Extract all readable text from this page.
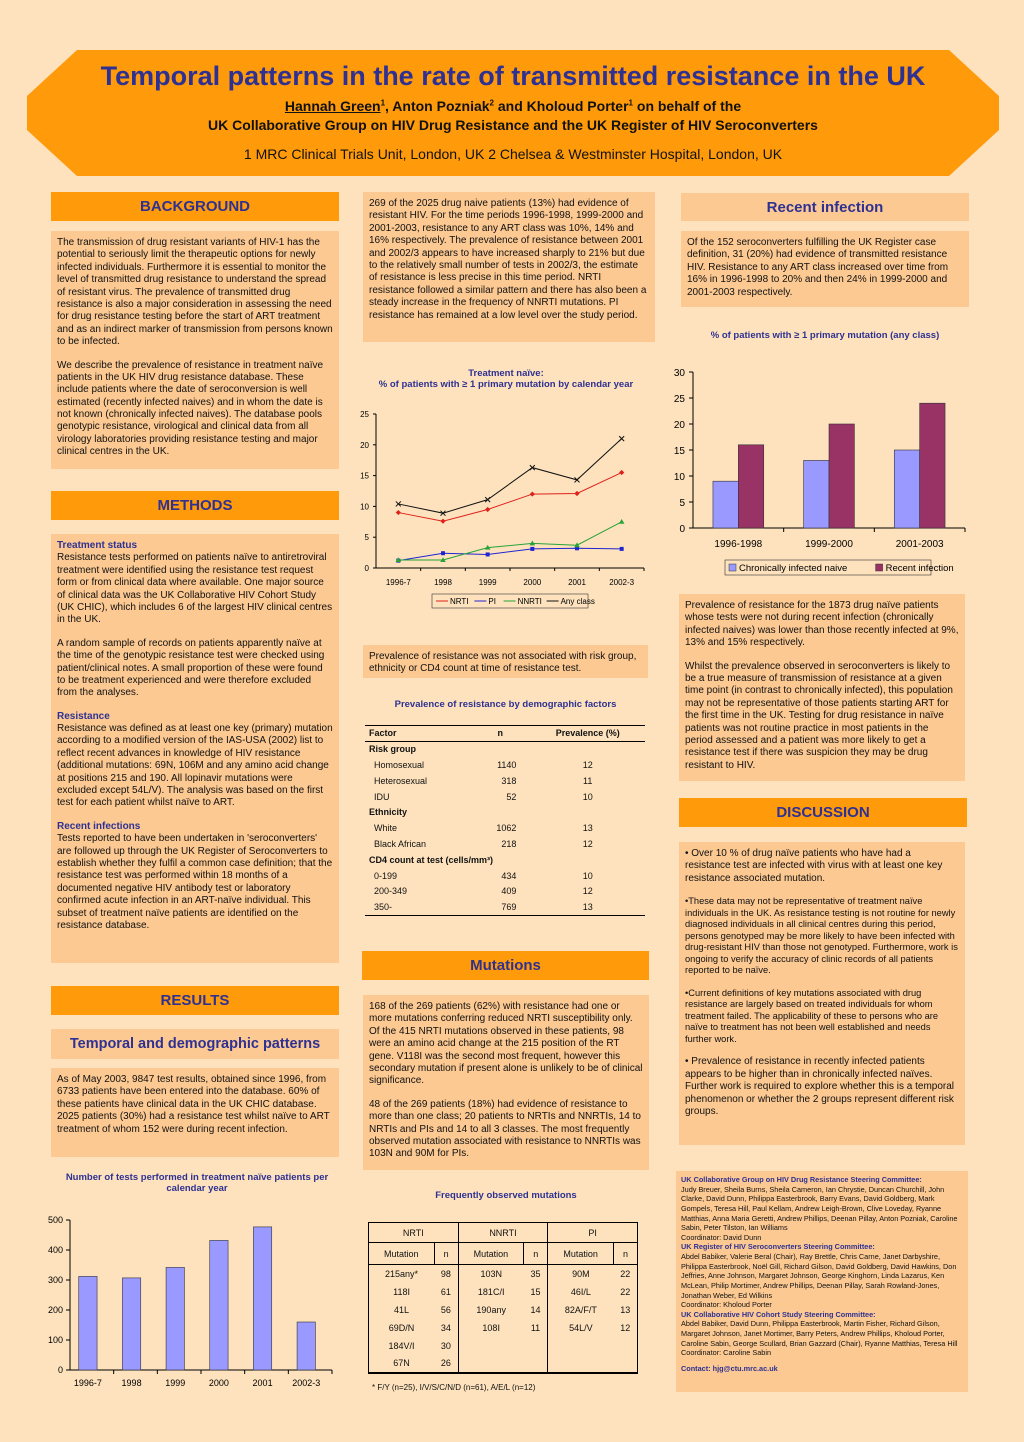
Temporal patterns in the rate of transmitted resistance in the UK
Hannah Green$^1$, Anton Pozniak$^2$ and Kholoud Porter$^1$ on behalf of the
UK Collaborative Group on HIV Drug Resistance and the UK Register of HIV Seroconverters
1 MRC Clinical Trials Unit, London, UK 2 Chelsea & Westminster Hospital, London, UK
BACKGROUND

The transmission of drug resistant variants of HIV-1 has the potential to seriously limit the therapeutic options for newly infected individuals. Furthermore it is essential to monitor the level of transmitted drug resistance to understand the spread of resistant virus. The prevalence of transmitted drug resistance is also a major consideration in assessing the need for drug resistance testing before the start of ART treatment and as an indirect marker of transmission from persons known to be infected.

We describe the prevalence of resistance in treatment naïve patients in the UK HIV drug resistance database. These include patients where the date of seroconversion is well estimated (recently infected naives) and in whom the date is not known (chronically infected naives). The database pools genotypic resistance, virological and clinical data from all virology laboratories providing resistance testing and major clinical centres in the UK.

METHODS
Treatment status

Resistance tests performed on patients naïve to antiretroviral treatment were identified using the resistance test request form or from clinical data where available. One major source of clinical data was the UK Collaborative HIV Cohort Study (UK CHIC), which includes 6 of the largest HIV clinical centres in the UK.

A random sample of records on patients apparently naïve at the time of the genotypic resistance test were checked using patient/clinical notes. A small proportion of these were found to be treatment experienced and were therefore excluded from the analyses.

Resistance

Resistance was defined as at least one key (primary) mutation according to a modified version of the IAS-USA (2002) list to reflect recent advances in knowledge of HIV resistance (additional mutations: 69N, 106M and any amino acid change at positions 215 and 190. All lopinavir mutations were excluded except 54L/V). The analysis was based on the first test for each patient whilst naïve to ART.

Recent infections

Tests reported to have been undertaken in 'seroconverters' are followed up through the UK Register of Seroconverters to establish whether they fulfil a common case definition; that the resistance test was performed within 18 months of a documented negative HIV antibody test or laboratory confirmed acute infection in an ART-naïve individual. This subset of treatment naïve patients are identified on the resistance database.

RESULTS
Temporal and demographic patterns

As of May 2003, 9847 test results, obtained since 1996, from 6733 patients have been entered into the database. 60% of these patients have clinical data in the UK CHIC database. 2025 patients (30%) had a resistance test whilst naïve to ART treatment of whom 152 were during recent infection.

Number of tests performed in treatment naïve patients per calendar year
0
100
200
300
400
500
1996-7 1998	1999	2000	2001 2002-3

269 of the 2025 drug naive patients (13%) had evidence of resistant HIV. For the time periods 1996-1998, 1999-2000 and 2001-2003, resistance to any ART class was 10%, 14% and 16% respectively. The prevalence of resistance between 2001 and 2002/3 appears to have increased sharply to 21% but due to the relatively small number of tests in 2002/3, the estimate of resistance is less precise in this time period. NRTI resistance followed a similar pattern and there has also been a steady increase in the frequency of NNRTI mutations. PI resistance has remained at a low level over the study period.

Treatment naïve:
% of patients with ≥ 1 primary mutation by calendar year
0
5
10
15
20
25
1996-7	1998	1999	2000	2001	2002-3
NRTI PI	NNRTI Any class

Prevalence of resistance was not associated with risk group, ethnicity or CD4 count at time of resistance test.

Prevalence of resistance by demographic factors
Factor	n	Prevalence (%)
Risk group		
Homosexual	1140	12
Heterosexual	318	11
IDU	52	10
Ethnicity		
White	1062	13
Black African	218	12
CD4 count at test (cells/mm³)		
0-199	434	10
200-349	409	12
350-	769	13
Mutations

168 of the 269 patients (62%) with resistance had one or more mutations conferring reduced NRTI susceptibility only. Of the 415 NRTI mutations observed in these patients, 98 were an amino acid change at the 215 position of the RT gene. V118I was the second most frequent, however this secondary mutation if present alone is unlikely to be of clinical significance.

48 of the 269 patients (18%) had evidence of resistance to more than one class; 20 patients to NRTIs and NNRTIs, 14 to NRTIs and PIs and 14 to all 3 classes. The most frequently observed mutation associated with resistance to NNRTIs was 103N and 90M for PIs.

Frequently observed mutations
NRTI		NNRTI		PI	
Mutation	n	Mutation	n	Mutation	n
215any*	98	103N	35	90M	22
118I	61	181C/I	15	46I/L	22
41L	56	190any	14	82A/F/T	13
69D/N	34	108I	11	54L/V	12
184V/I	30				
67N	26				
* F/Y (n=25), I/V/S/C/N/D (n=61), A/E/L (n=12)
Recent infection

Of the 152 seroconverters fulfilling the UK Register case definition, 31 (20%) had evidence of transmitted resistance HIV. Resistance to any ART class increased over time from 16% in 1996-1998 to 20% and then 24% in 1999-2000 and 2001-2003 respectively.

% of patients with ≥ 1 primary mutation (any class)
0
5
10
15
20
25
30
1996-1998	1999-2000	2001-2003
Chronically infected naive	Recent infection

Prevalence of resistance for the 1873 drug naïve patients whose tests were not during recent infection (chronically infected naives) was lower than those recently infected at 9%, 13% and 15% respectively.

Whilst the prevalence observed in seroconverters is likely to be a true measure of transmission of resistance at a given time point (in contrast to chronically infected), this population may not be representative of those patients starting ART for the first time in the UK. Testing for drug resistance in naïve patients was not routine practice in most patients in the period assessed and a patient was more likely to get a resistance test if there was suspicion they may be drug resistant to HIV.

DISCUSSION

• Over 10 % of drug naïve patients who have had a resistance test are infected with virus with at least one key resistance associated mutation.

•These data may not be representative of treatment naïve individuals in the UK. As resistance testing is not routine for newly diagnosed individuals in all clinical centres during this period, persons genotyped may be more likely to have been infected with drug-resistant HIV than those not genotyped. Furthermore, work is ongoing to verify the accuracy of clinic records of all patients reported to be naïve.

•Current definitions of key mutations associated with drug resistance are largely based on treated individuals for whom treatment failed. The applicability of these to persons who are naïve to treatment has not been well established and needs further work.

• Prevalence of resistance in recently infected patients appears to be higher than in chronically infected naïves. Further work is required to explore whether this is a temporal phenomenon or whether the 2 groups represent different risk groups.

UK Collaborative Group on HIV Drug Resistance Steering Committee:
Judy Breuer, Sheila Burns, Sheila Cameron, Ian Chrystie, Duncan Churchill, John Clarke, David Dunn, Philippa Easterbrook, Barry Evans, David Goldberg, Mark Gompels, Teresa Hill, Paul Kellam, Andrew Leigh-Brown, Clive Loveday, Ryanne Matthias, Anna Maria Geretti, Andrew Phillips, Deenan Pillay, Anton Pozniak, Caroline Sabin, Peter Tilston, Ian Williams
Coordinator: David Dunn
UK Register of HIV Seroconverters Steering Committee:
Abdel Babiker, Valerie Beral (Chair), Ray Brettle, Chris Carne, Janet Darbyshire, Philippa Easterbrook, Noël Gill, Richard Gilson, David Goldberg, David Hawkins, Don Jeffries, Anne Johnson, Margaret Johnson, George Kinghorn, Linda Lazarus, Ken McLean, Philip Mortimer, Andrew Phillips, Deenan Pillay, Sarah Rowland-Jones, Jonathan Weber, Ed Wilkins
Coordinator: Kholoud Porter
UK Collaborative HIV Cohort Study Steering Committee:
Abdel Babiker, David Dunn, Philippa Easterbrook, Martin Fisher, Richard Gilson, Margaret Johnson, Janet Mortimer, Barry Peters, Andrew Phillips, Kholoud Porter, Caroline Sabin, George Scullard, Brian Gazzard (Chair), Ryanne Matthias, Teresa Hill
Coordinator: Caroline Sabin
Contact: hjg@ctu.mrc.ac.uk
